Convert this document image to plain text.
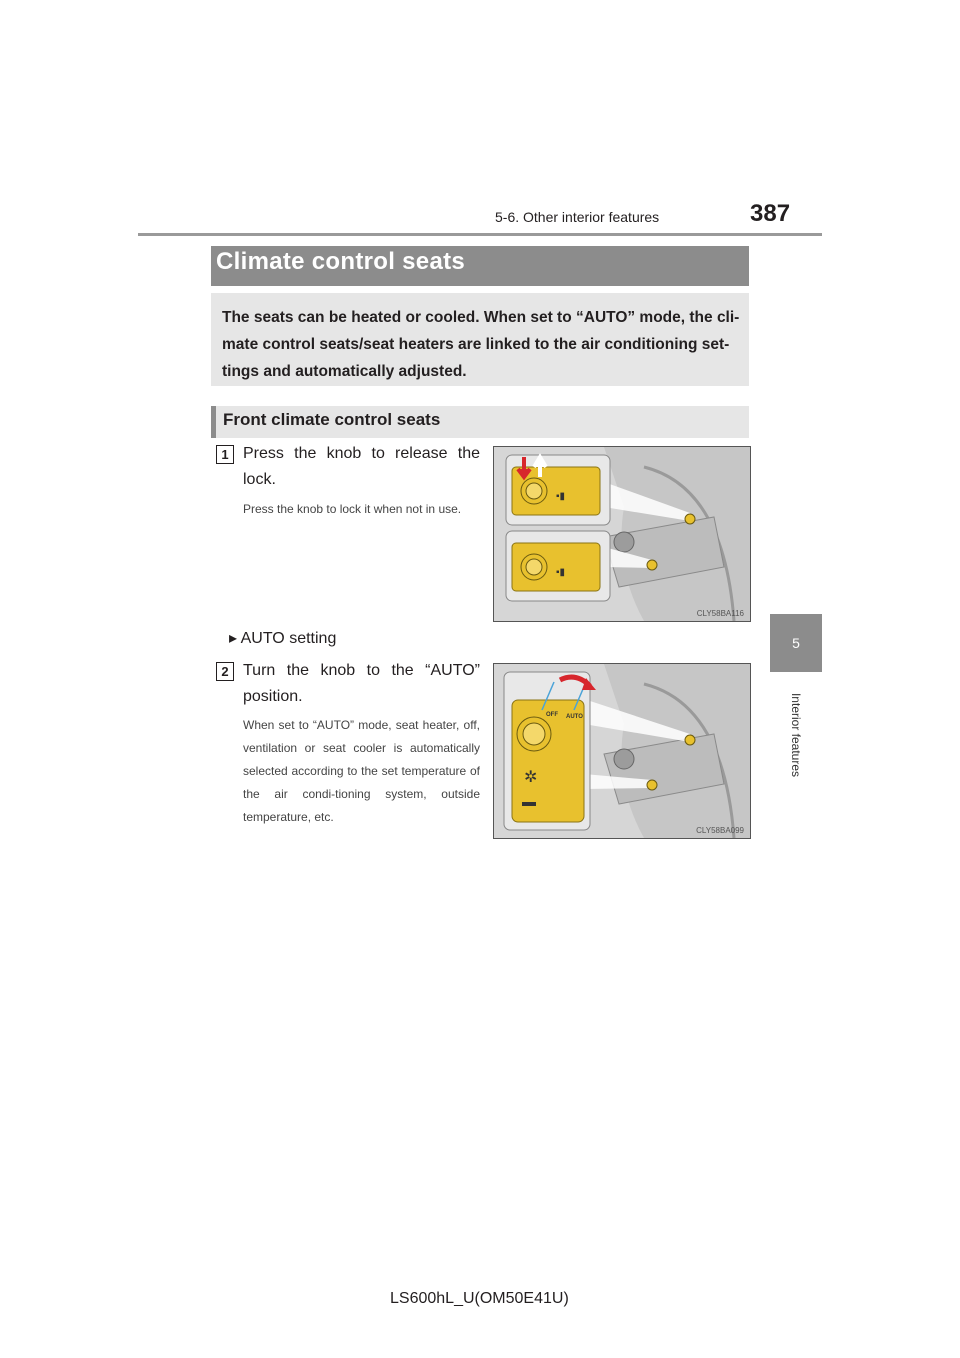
5-6. Other interior features	387
5
Interior features
Climate control seats
The seats can be heated or cooled. When set to “AUTO” mode, the cli-mate control seats/seat heaters are linked to the air conditioning set-tings and automatically adjusted.
Front climate control seats
1 Press the knob to release the lock.
Press the knob to lock it when not in use.
▪▮
▪▮
CLY58BA116
▸ AUTO setting
2 Turn the knob to the “AUTO” position.
When set to “AUTO” mode, seat heater, off, ventilation or seat cooler is automatically selected according to the set temperature of the air condi-tioning system, outside temperature, etc.
✲
OFF AUTO
CLY58BA099
LS600hL_U(OM50E41U)
